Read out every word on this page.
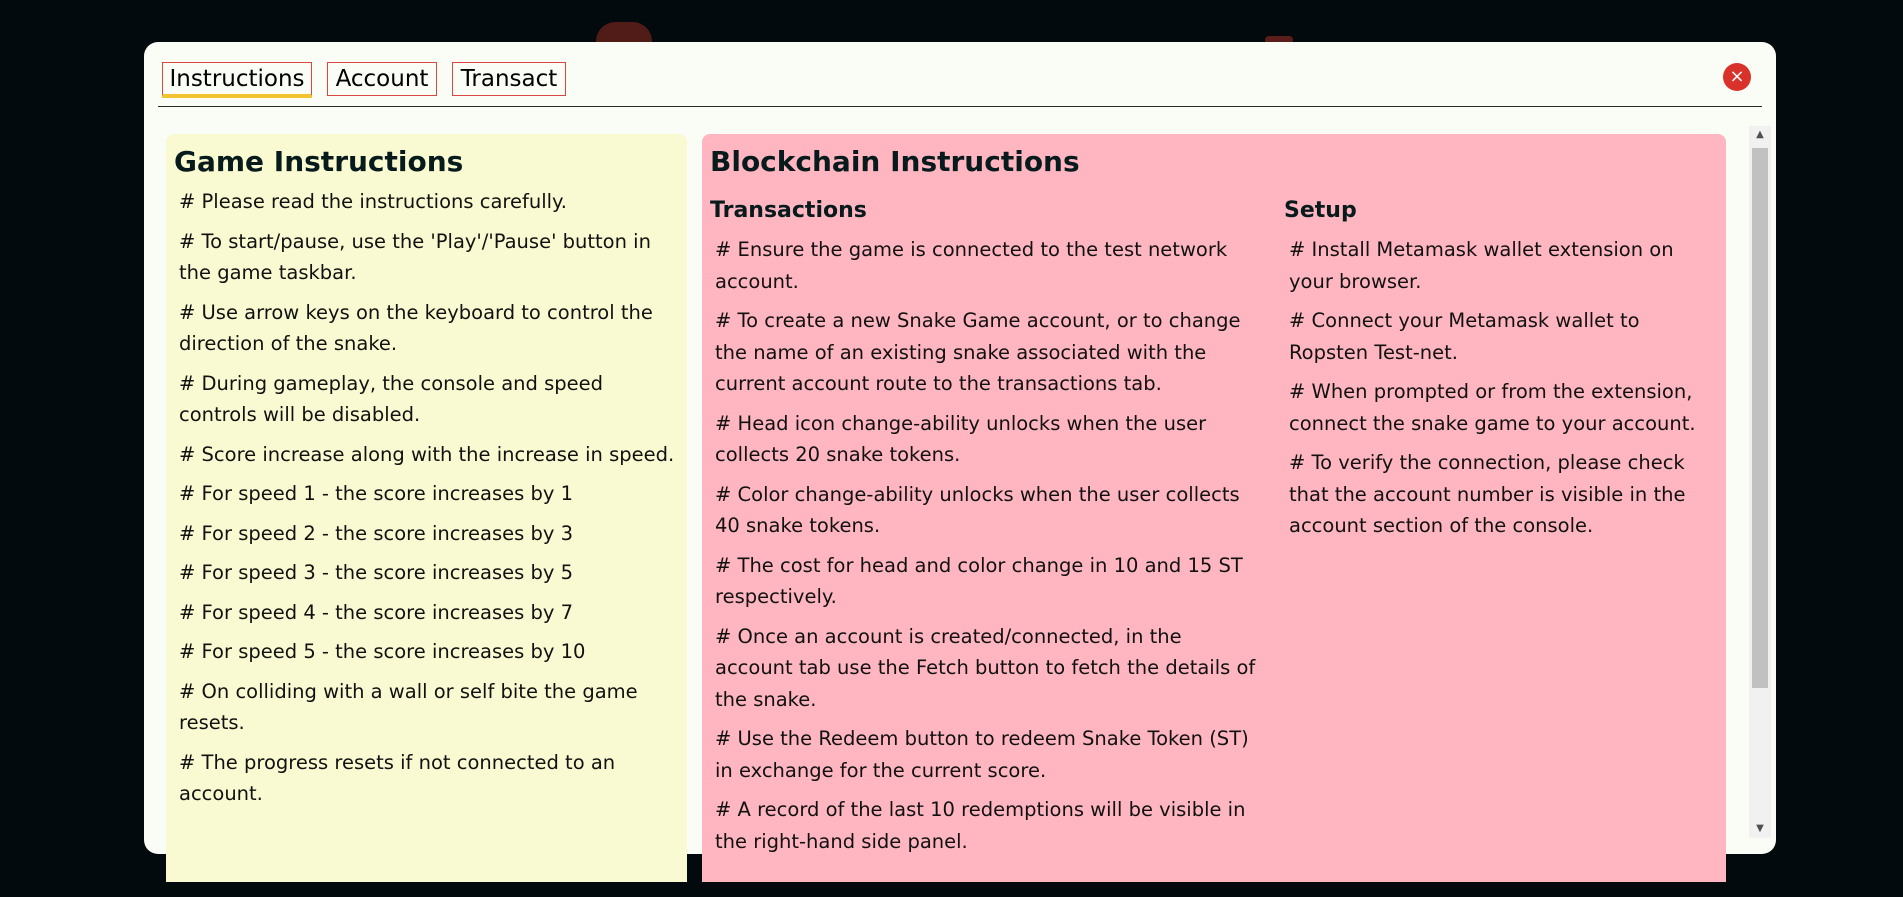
Instructions	Account	Transact	×
Game Instructions

# Please read the instructions carefully.

# To start/pause, use the 'Play'/'Pause' button in the game taskbar.

# Use arrow keys on the keyboard to control the direction of the snake.

# During gameplay, the console and speed controls will be disabled.

# Score increase along with the increase in speed.

# For speed 1 - the score increases by 1

# For speed 2 - the score increases by 3

# For speed 3 - the score increases by 5

# For speed 4 - the score increases by 7

# For speed 5 - the score increases by 10

# On colliding with a wall or self bite the game resets.

# The progress resets if not connected to an account.

Blockchain Instructions
Transactions

# Ensure the game is connected to the test network account.

# To create a new Snake Game account, or to change the name of an existing snake associated with the current account route to the transactions tab.

# Head icon change-ability unlocks when the user collects 20 snake tokens.

# Color change-ability unlocks when the user collects 40 snake tokens.

# The cost for head and color change in 10 and 15 ST respectively.

# Once an account is created/connected, in the account tab use the Fetch button to fetch the details of the snake.

# Use the Redeem button to redeem Snake Token (ST) in exchange for the current score.

# A record of the last 10 redemptions will be visible in the right-hand side panel.

Setup

# Install Metamask wallet extension on your browser.

# Connect your Metamask wallet to Ropsten Test-net.

# When prompted or from the extension, connect the snake game to your account.

# To verify the connection, please check that the account number is visible in the account section of the console.

▲
▼
